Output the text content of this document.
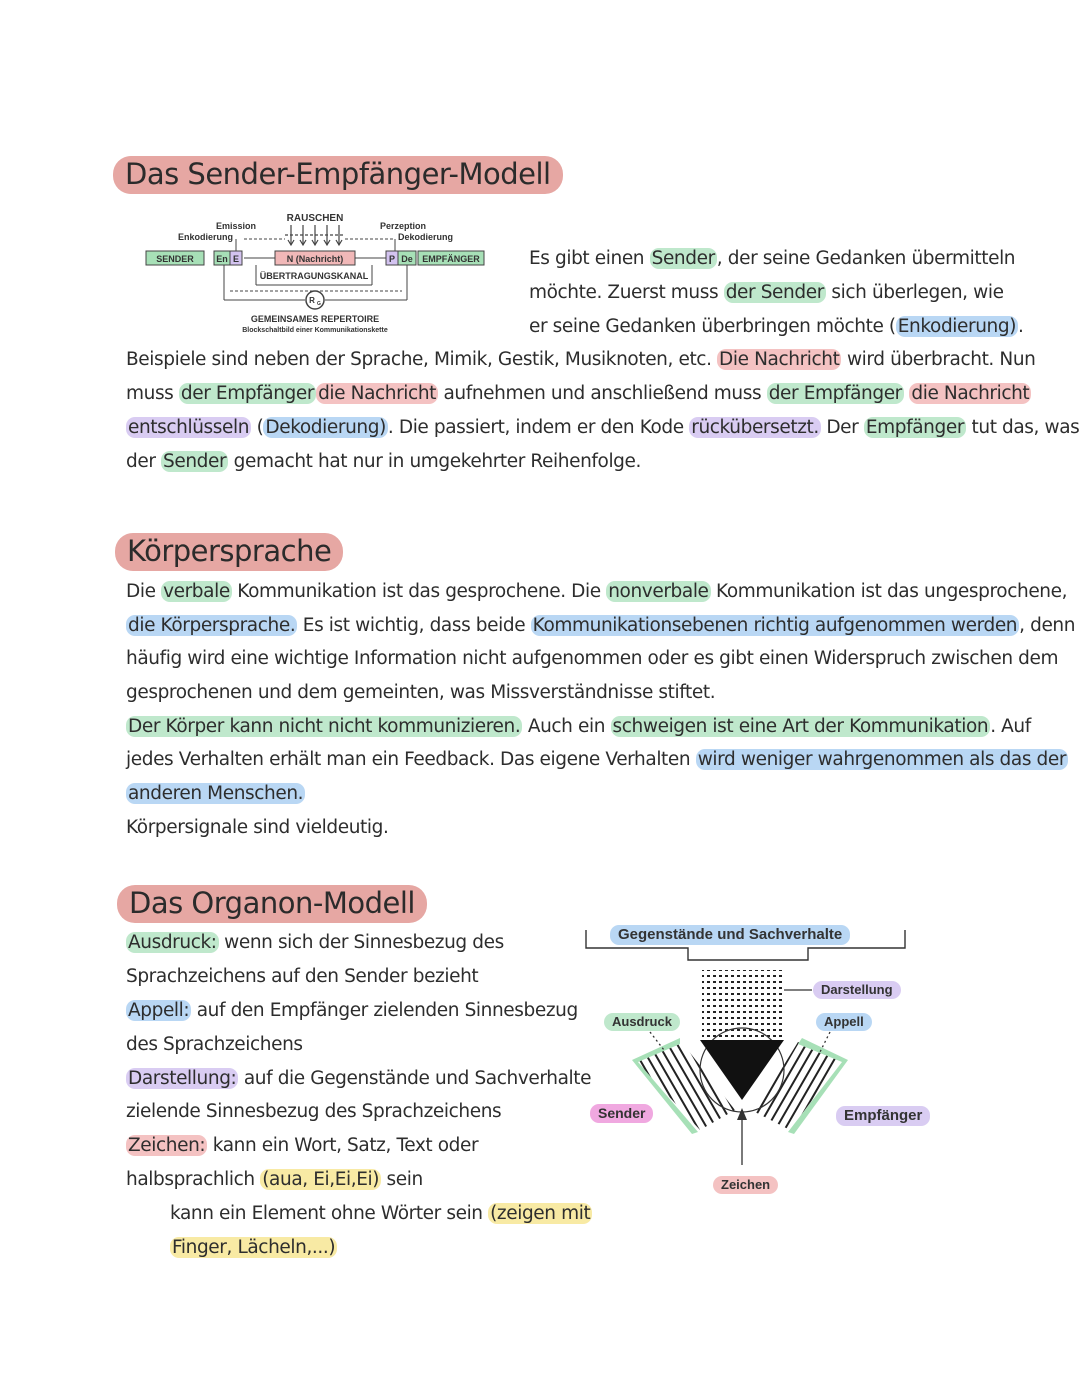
Das Sender-Empfänger-Modell
RAUSCHEN
Emission
Enkodierung
Perzeption
Dekodierung
SENDER En E	N (Nachricht)	P De EMPFÄNGER
ÜBERTRAGUNGSKANAL
R G
GEMEINSAMES REPERTOIRE
Blockschaltbild einer Kommunikationskette

Es gibt einen Sender , der seine Gedanken übermitteln

möchte. Zuerst muss der Sender sich überlegen, wie

er seine Gedanken überbringen möchte ( Enkodierung) .

Beispiele sind neben der Sprache, Mimik, Gestik, Musiknoten, etc. Die Nachricht wird überbracht. Nun

muss der Empfänger die Nachricht aufnehmen und anschließend muss der Empfänger die Nachricht

entschlüsseln ( Dekodierung) . Die passiert, indem er den Kode rückübersetzt. Der Empfänger tut das, was

der Sender gemacht hat nur in umgekehrter Reihenfolge.

Körpersprache

Die verbale Kommunikation ist das gesprochene. Die nonverbale Kommunikation ist das ungesprochene,

die Körpersprache. Es ist wichtig, dass beide Kommunikationsebenen richtig aufgenommen werden , denn

häufig wird eine wichtige Information nicht aufgenommen oder es gibt einen Widerspruch zwischen dem

gesprochenen und dem gemeinten, was Missverständnisse stiftet.

Der Körper kann nicht nicht kommunizieren. Auch ein schweigen ist eine Art der Kommunikation . Auf

jedes Verhalten erhält man ein Feedback. Das eigene Verhalten wird weniger wahrgenommen als das der

anderen Menschen.

Körpersignale sind vieldeutig.

Das Organon-Modell

Ausdruck: wenn sich der Sinnesbezug des

Sprachzeichens auf den Sender bezieht

Appell: auf den Empfänger zielenden Sinnesbezug

des Sprachzeichens

Darstellung: auf die Gegenstände und Sachverhalte

zielende Sinnesbezug des Sprachzeichens

Zeichen: kann ein Wort, Satz, Text oder

halbsprachlich (aua, Ei,Ei,Ei) sein

kann ein Element ohne Wörter sein (zeigen mit

Finger, Lächeln,...)

Gegenstände und Sachverhalte
Darstellung
Ausdruck	Appell
Sender	Empfänger
Zeichen
